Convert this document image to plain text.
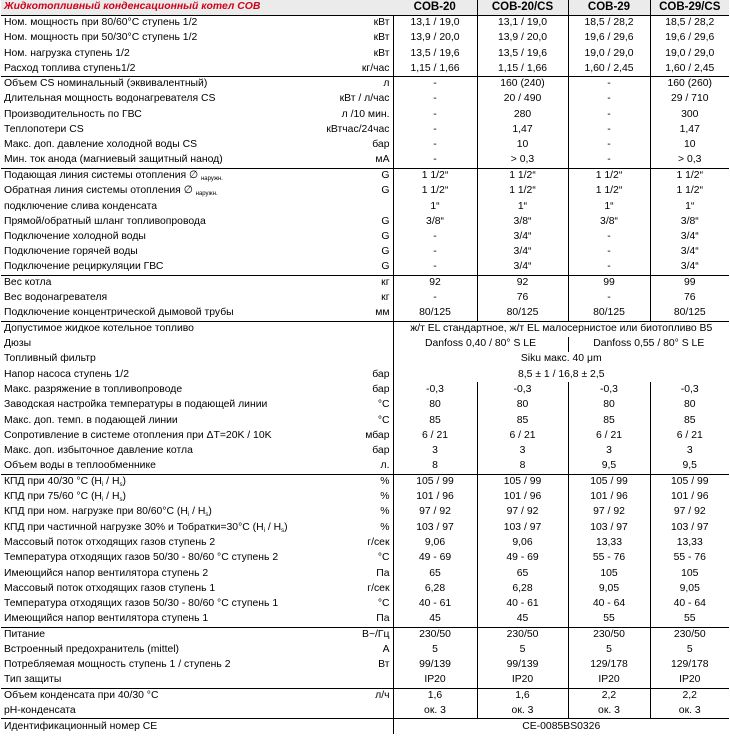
Жидкотопливный конденсационный котел COB		COB-20	COB-20/CS	COB-29	COB-29/CS
Ном. мощность при 80/60°C ступень 1/2	кВт	13,1 / 19,0	13,1 / 19,0	18,5 / 28,2	18,5 / 28,2
Ном. мощность при 50/30°C ступень 1/2	кВт	13,9 / 20,0	13,9 / 20,0	19,6 / 29,6	19,6 / 29,6
Ном. нагрузка ступень 1/2	кВт	13,5 / 19,6	13,5 / 19,6	19,0 / 29,0	19,0 / 29,0
Расход топлива ступень1/2	кг/час	1,15 / 1,66	1,15 / 1,66	1,60 / 2,45	1,60 / 2,45
Объем CS номинальный (эквивалентный)	л	-	160 (240)	-	160 (260)
Длительная мощность водонагревателя CS	кВт / л/час	-	20 / 490	-	29 / 710
Производительность по ГВС	л /10 мин.	-	280	-	300
Теплопотери CS	кВтчас/24час	-	1,47	-	1,47
Макс. доп. давление холодной воды CS	бар	-	10	-	10
Мин. ток анода (магниевый защитный нанод)	мА	-	> 0,3	-	> 0,3
Подающая линия системы отопления ∅ $_{наружн.}$	G	1 1/2“	1 1/2“	1 1/2“	1 1/2“
Обратная линия системы отопления ∅ $_{наружн.}$	G	1 1/2“	1 1/2“	1 1/2“	1 1/2“
подключение слива конденсата		1“	1“	1“	1“
Прямой/обратный шланг топливопровода	G	3/8“	3/8“	3/8“	3/8“
Подключение холодной воды	G	-	3/4“	-	3/4“
Подключение горячей воды	G	-	3/4“	-	3/4“
Подключение рециркуляции ГВС	G	-	3/4“	-	3/4“
Вес котла	кг	92	92	99	99
Вес водонагревателя	кг	-	76	-	76
Подключение концентрической дымовой трубы	мм	80/125	80/125	80/125	80/125
Допустимое жидкое котельное топливо		ж/т EL стандартное, ж/т EL малосернистое или биотопливо B5			
Дюзы		Danfoss 0,40 / 80° S LE		Danfoss 0,55 / 80° S LE	
Топливный фильтр		Siku макс. 40 μm			
Напор насоса ступень 1/2	бар	8,5 ± 1 / 16,8 ± 2,5			
Макс. разряжение в топливопроводе	бар	-0,3	-0,3	-0,3	-0,3
Заводская настройка температуры в подающей линии	°C	80	80	80	80
Макс. доп. темп. в подающей линии	°C	85	85	85	85
Сопротивление в системе отопления при ΔT=20K / 10K	мбар	6 / 21	6 / 21	6 / 21	6 / 21
Макс. доп. избыточное давление котла	бар	3	3	3	3
Объем воды в теплообменнике	л.	8	8	9,5	9,5
КПД при 40/30 °C $(H_i / H_s)$	%	105 / 99	105 / 99	105 / 99	105 / 99
КПД при 75/60 °C $(H_i / H_s)$	%	101 / 96	101 / 96	101 / 96	101 / 96
КПД при ном. нагрузке при 80/60°C $(H_i / H_s)$	%	97 / 92	97 / 92	97 / 92	97 / 92
КПД при частичной нагрузке 30% и Тобратки=30°C $(H_i / H_s)$	%	103 / 97	103 / 97	103 / 97	103 / 97
Массовый поток отходящих газов ступень 2	г/сек	9,06	9,06	13,33	13,33
Температура отходящих газов 50/30 - 80/60 °C ступень 2	°C	49 - 69	49 - 69	55 - 76	55 - 76
Имеющийся напор вентилятора ступень 2	Па	65	65	105	105
Массовый поток отходящих газов ступень 1	г/сек	6,28	6,28	9,05	9,05
Температура отходящих газов 50/30 - 80/60 °C ступень 1	°C	40 - 61	40 - 61	40 - 64	40 - 64
Имеющийся напор вентилятора ступень 1	Па	45	45	55	55
Питание	В~/Гц	230/50	230/50	230/50	230/50
Встроенный предохранитель (mittel)	A	5	5	5	5
Потребляемая мощность ступень 1 / ступень 2	Вт	99/139	99/139	129/178	129/178
Тип защиты		IP20	IP20	IP20	IP20
Объем конденсата при 40/30 °C	л/ч	1,6	1,6	2,2	2,2
pH-конденсата		ок. 3	ок. 3	ок. 3	ок. 3
Идентификационный номер CE		CE-0085BS0326			
